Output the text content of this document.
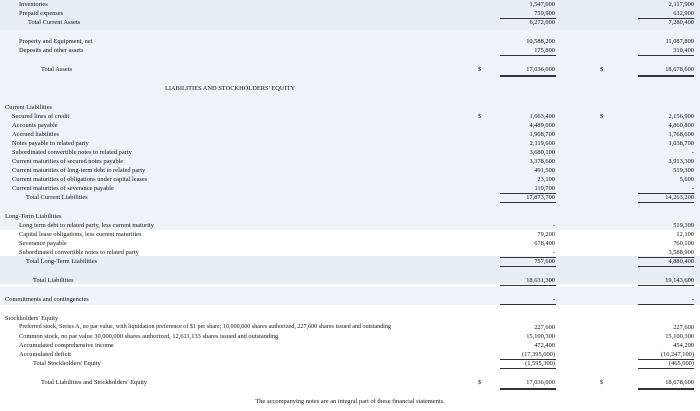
Inventories	1,547,000	2,117,900
Prepaid expenses	759,900	632,900
Total Current Assets	6,272,000	7,280,400
Property and Equipment, net	10,588,200	11,087,800
Deposits and other assets	175,800	310,400
Total Assets	$	17,036,000	$	18,678,600
LIABILITIES AND STOCKHOLDERS' EQUITY
Current Liabilities
Secured lines of credit	$	1,663,400	$	2,156,900
Accounts payable	4,489,000	4,860,800
Accrued liabilities	1,908,700	1,768,600
Notes payable to related party	2,119,600	1,038,700
Subordinated convertible notes to related party	3,680,100	-
Current maturities of secured notes payable	3,378,600	3,913,300
Current maturities of long-term debt to related party	491,500	519,300
Current maturities of obligations under capital leases	23,100	5,600
Current maturities of severance payable	119,700	-
Total Current Liabilities	17,873,700	14,263,200
Long-Term Liabilities
Long term debt to related party, less current maturity	-	519,300
Capital lease obligations, less current maturities	79,200	12,100
Severance payable	678,400	760,100
Subordinated convertible notes to related party	-	3,588,900
Total Long-Term Liabilities	757,600	4,880,400
Total Liabilities	18,631,300	19,143,600
Commitments and contingencies	-	-
Stockholders' Equity
Preferred stock, Series A, no par value, with liquidation preference of $1 per share; 10,000,000 shares authorized, 227,600 shares issued and outstanding	227,600	227,600
Common stock, no par value 30,000,000 shares authorized, 12,611,133 shares issued and outstanding	15,100,300	15,100,300
Accumulated comprehensive income	472,400	454,200
Accumulated deficit	(17,395,600)	(16,247,100)
Total Stockholders' Equity	(1,595,300)	(465,000)
Total Liabilities and Stockholders' Equity	$	17,036,000	$	18,678,600
The accompanying notes are an integral part of these financial statements.
